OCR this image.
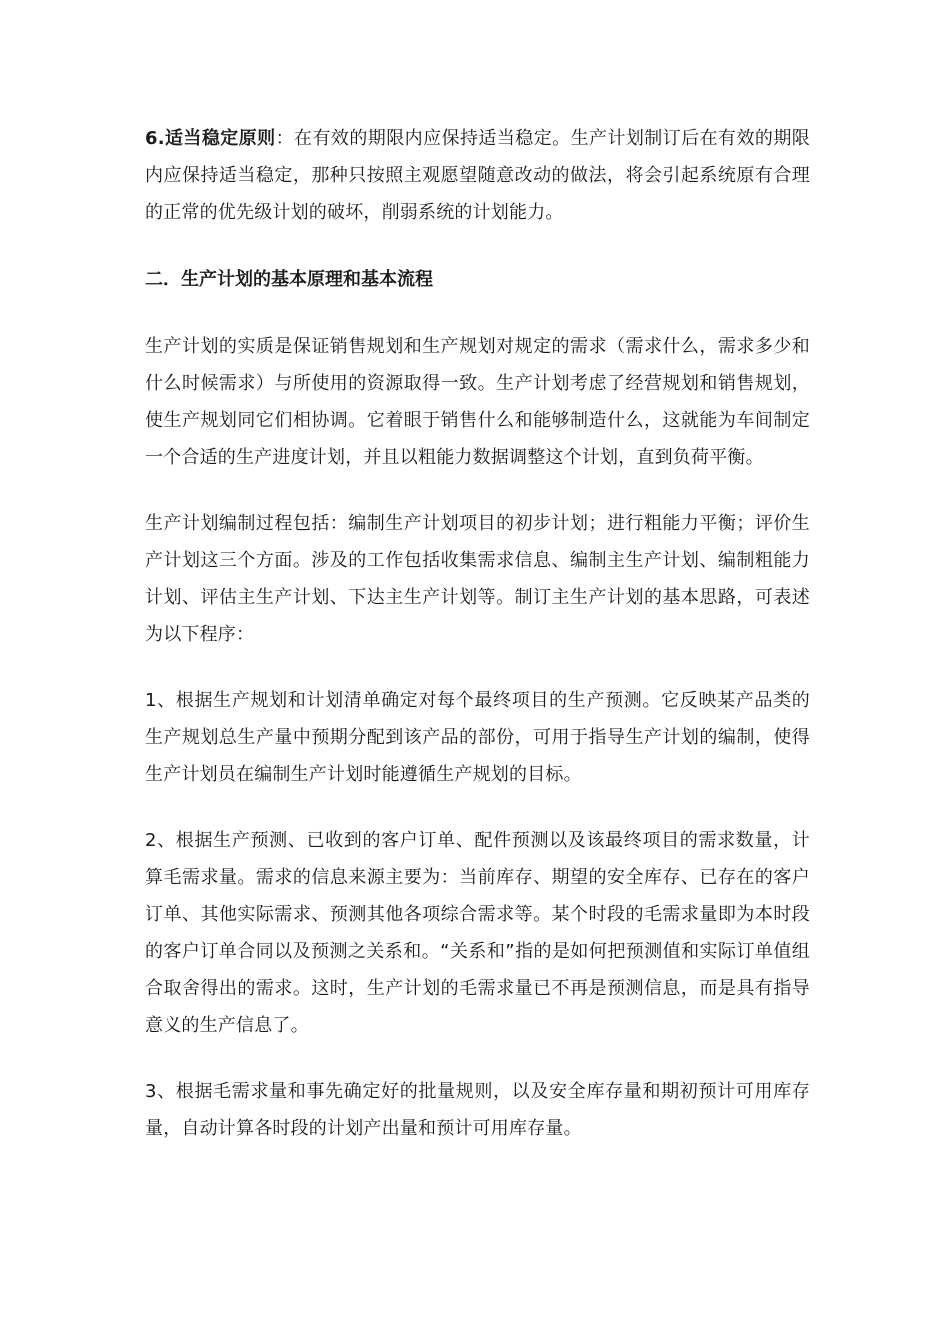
6.适当稳定原则：在有效的期限内应保持适当稳定。生产计划制订后在有效的期限内应保持适当稳定，那种只按照主观愿望随意改动的做法，将会引起系统原有合理的正常的优先级计划的破坏，削弱系统的计划能力。

二．生产计划的基本原理和基本流程

生产计划的实质是保证销售规划和生产规划对规定的需求（需求什么，需求多少和什么时候需求）与所使用的资源取得一致。生产计划考虑了经营规划和销售规划，使生产规划同它们相协调。它着眼于销售什么和能够制造什么，这就能为车间制定一个合适的生产进度计划，并且以粗能力数据调整这个计划，直到负荷平衡。

生产计划编制过程包括：编制生产计划项目的初步计划；进行粗能力平衡；评价生产计划这三个方面。涉及的工作包括收集需求信息、编制主生产计划、编制粗能力计划、评估主生产计划、下达主生产计划等。制订主生产计划的基本思路，可表述为以下程序：

1、根据生产规划和计划清单确定对每个最终项目的生产预测。它反映某产品类的生产规划总生产量中预期分配到该产品的部份，可用于指导生产计划的编制，使得生产计划员在编制生产计划时能遵循生产规划的目标。

2、根据生产预测、已收到的客户订单、配件预测以及该最终项目的需求数量，计算毛需求量。需求的信息来源主要为：当前库存、期望的安全库存、已存在的客户订单、其他实际需求、预测其他各项综合需求等。某个时段的毛需求量即为本时段的客户订单合同以及预测之关系和。“关系和”指的是如何把预测值和实际订单值组合取舍得出的需求。这时，生产计划的毛需求量已不再是预测信息，而是具有指导意义的生产信息了。

3、根据毛需求量和事先确定好的批量规则，以及安全库存量和期初预计可用库存量，自动计算各时段的计划产出量和预计可用库存量。
